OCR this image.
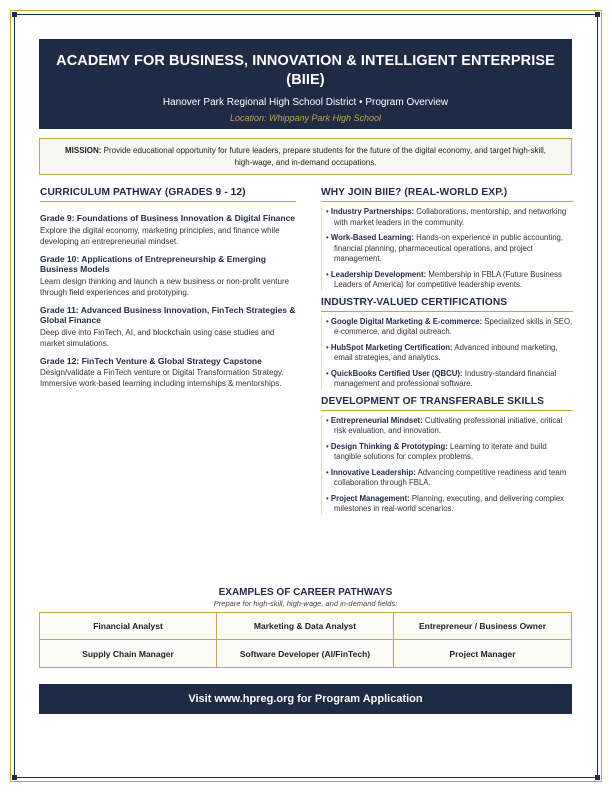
ACADEMY FOR BUSINESS, INNOVATION & INTELLIGENT ENTERPRISE (BIIE)
Hanover Park Regional High School District • Program Overview
Location: Whippany Park High School
MISSION: Provide educational opportunity for future leaders, prepare students for the future of the digital economy, and target high-skill, high-wage, and in-demand occupations.
CURRICULUM PATHWAY (GRADES 9 - 12)
Grade 9: Foundations of Business Innovation & Digital Finance
Explore the digital economy, marketing principles, and finance while developing an entrepreneurial mindset.
Grade 10: Applications of Entrepreneurship & Emerging Business Models
Learn design thinking and launch a new business or non-profit venture through field experiences and prototyping.
Grade 11: Advanced Business Innovation, FinTech Strategies & Global Finance
Deep dive into FinTech, AI, and blockchain using case studies and market simulations.
Grade 12: FinTech Venture & Global Strategy Capstone
Design/validate a FinTech venture or Digital Transformation Strategy. Immersive work-based learning including internships & mentorships.
WHY JOIN BIIE? (REAL-WORLD EXP.)
• Industry Partnerships: Collaborations, mentorship, and networking with market leaders in the community.
• Work-Based Learning: Hands-on experience in public accounting, financial planning, pharmaceutical operations, and project management.
• Leadership Development: Membership in FBLA (Future Business Leaders of America) for competitive leadership events.
INDUSTRY-VALUED CERTIFICATIONS
• Google Digital Marketing & E-commerce: Specialized skills in SEO, e-commerce, and digital outreach.
• HubSpot Marketing Certification: Advanced inbound marketing, email strategies, and analytics.
• QuickBooks Certified User (QBCU): Industry-standard financial management and professional software.
DEVELOPMENT OF TRANSFERABLE SKILLS
• Entrepreneurial Mindset: Cultivating professional initiative, critical risk evaluation, and innovation.
• Design Thinking & Prototyping: Learning to iterate and build tangible solutions for complex problems.
• Innovative Leadership: Advancing competitive readiness and team collaboration through FBLA.
• Project Management: Planning, executing, and delivering complex milestones in real-world scenarios.
EXAMPLES OF CAREER PATHWAYS
Prepare for high-skill, high-wage, and in-demand fields:
Financial Analyst	Marketing & Data Analyst	Entrepreneur / Business Owner
Supply Chain Manager	Software Developer (AI/FinTech)	Project Manager
Visit www.hpreg.org for Program Application
